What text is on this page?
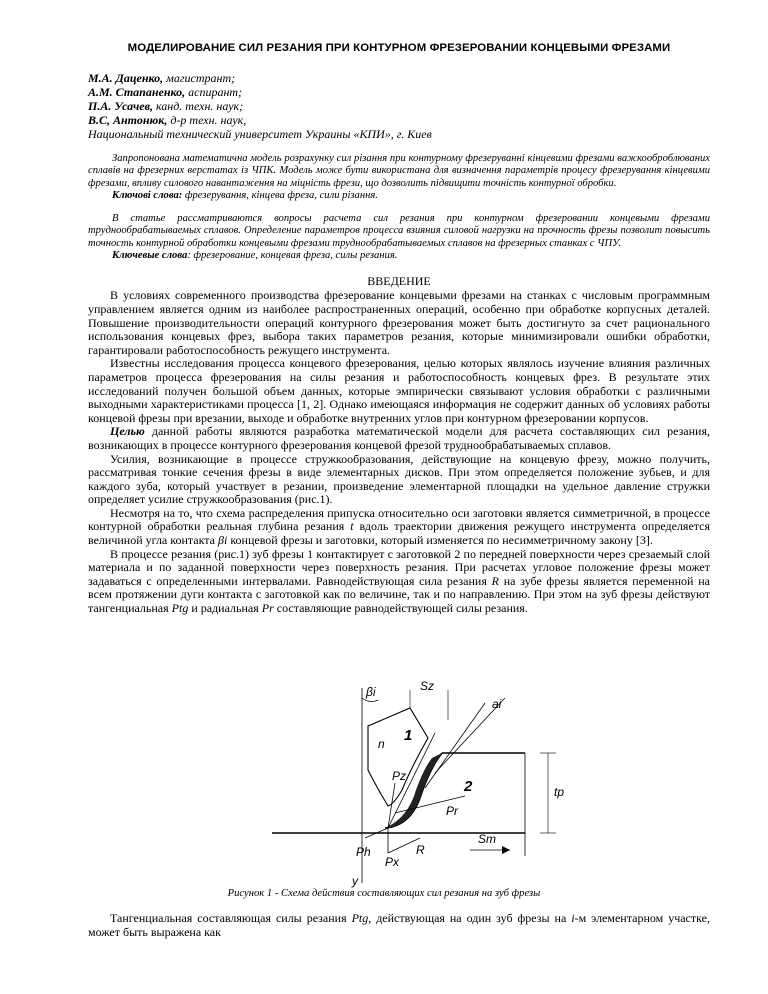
МОДЕЛИРОВАНИЕ СИЛ РЕЗАНИЯ ПРИ КОНТУРНОМ ФРЕЗЕРОВАНИИ КОНЦЕВЫМИ ФРЕЗАМИ
М.А. Даценко, магистрант;
А.М. Стапаненко, аспирант;
П.А. Усачев, канд. техн. наук;
В.С, Антонюк, д-р техн. наук,
Национальный технический университет Украины «КПИ», г. Киев
Запропонована математична модель розрахунку сил різання при контурному фрезеруванні кінцевими фрезами важкооброблюваних сплавів на фрезерних верстатах із ЧПК. Модель може бути використана для визначення параметрів процесу фрезерування кінцевими фрезами, впливу силового навантаження на міцність фрези, що дозволить підвищити точність контурної обробки.
Ключові слова: фрезерування, кінцева фреза, сили різання.
В статье рассматриваются вопросы расчета сил резания при контурном фрезеровании концевыми фрезами труднообрабатываемых сплавов. Определение параметров процесса взияния силовой нагрузки на прочность фрезы позволит повысить точность контурной обработки концевыми фрезами труднообрабатываемых сплавов на фрезерных станках с ЧПУ.
Ключевые слова: фрезерование, концевая фреза, силы резания.
ВВЕДЕНИЕ

В условиях современного производства фрезерование концевыми фрезами на станках с числовым программным управлением является одним из наиболее распространенных операций, особенно при обработке корпусных деталей. Повышение производительности операций контурного фрезерования может быть достигнуто за счет рационального использования концевых фрез, выбора таких параметров резания, которые минимизировали ошибки обработки, гарантировали работоспособность режущего инструмента.

Известны исследования процесса концевого фрезерования, целью которых являлось изучение влияния различных параметров процесса фрезерования на силы резания и работоспособность концевых фрез. В результате этих исследований получен большой объем данных, которые эмпирически связывают условия обработки с различными выходными характеристиками процесса [1, 2]. Однако имеющаяся информация не содержит данных об условиях работы концевой фрезы при врезании, выходе и обработке внутренних углов при контурном фрезеровании корпусов.

Целью данной работы являются разработка математической модели для расчета составляющих сил резания, возникающих в процессе контурного фрезерования концевой фрезой труднообрабатываемых сплавов.

Усилия, возникающие в процессе стружкообразования, действующие на концевую фрезу, можно получить, рассматривая тонкие сечения фрезы в виде элементарных дисков. При этом определяется положение зубьев, и для каждого зуба, который участвует в резании, произведение элементарной площадки на удельное давление стружки определяет усилие стружкообразования (рис.1).

Несмотря на то, что схема распределения припуска относительно оси заготовки является симметричной, в процессе контурной обработки реальная глубина резания t вдоль траектории движения режущего инструмента определяется величиной угла контакта βi концевой фрезы и заготовки, который изменяется по несимметричному закону [3].

В процессе резания (рис.1) зуб фрезы 1 контактирует с заготовкой 2 по передней поверхности через срезаемый слой материала и по заданной поверхности через поверхность резания. При расчетах угловое положение фрезы может задаваться с определенными интервалами. Равнодействующая сила резания R на зубе фрезы является переменной на всем протяжении дуги контакта с заготовкой как по величине, так и по направлению. При этом на зуб фрезы действуют тангенциальная Ptg и радиальная Pr составляющие равнодействующей силы резания.

βi
n
Sz
ai
1
2
Pz
Pr
tp
Ph
Px
R
Sm
y
Рисунок 1 - Схема действия составляющих сил резания на зуб фрезы

Тангенциальная составляющая силы резания Ptg, действующая на один зуб фрезы на i-м элементарном участке, может быть выражена как
